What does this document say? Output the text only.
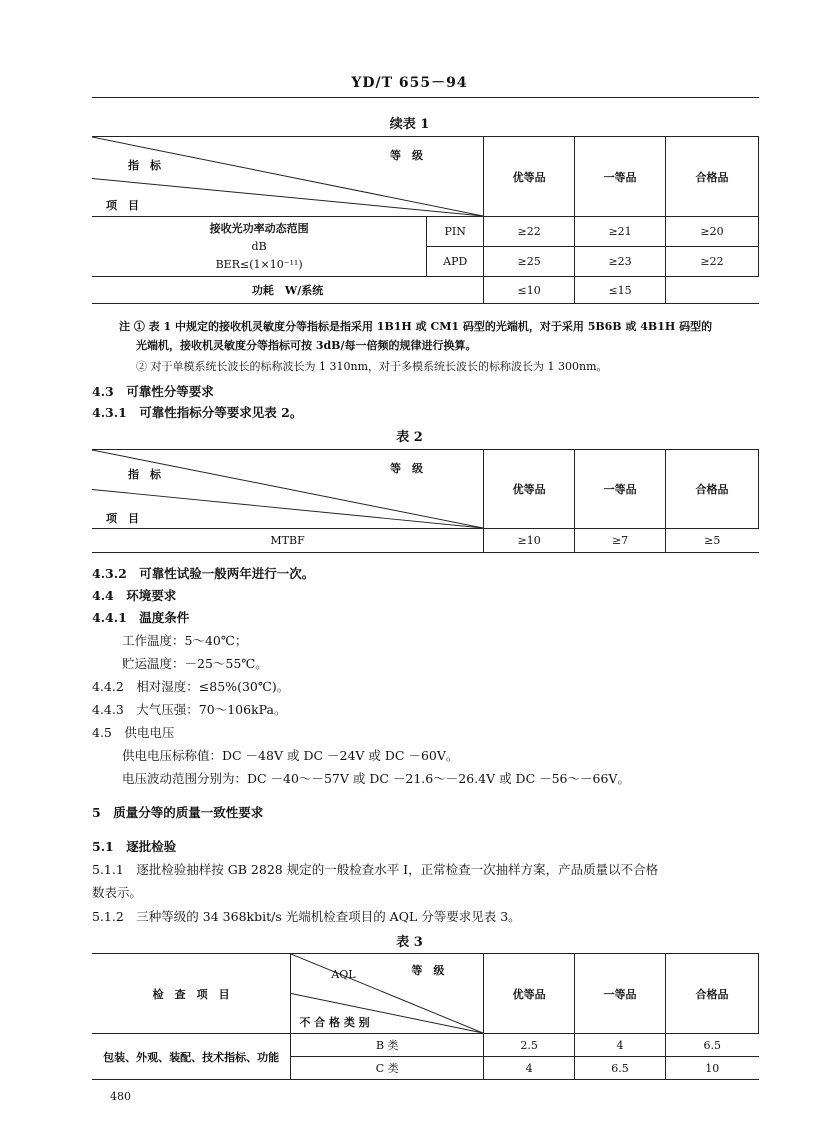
YD/T 655－94
续表 1
等　级
指　标
项　目		优等品	一等品	合格品

接收光功率动态范围
dB
BER≤(1×10⁻¹¹)	PIN	≥22	≥21	≥20
	APD	≥25	≥23	≥22
功耗　W/系统		≤10	≤15	
注 ① 表 1 中规定的接收机灵敏度分等指标是指采用 1B1H 或 CM1 码型的光端机，对于采用 5B6B 或 4B1H 码型的
光端机，接收机灵敏度分等指标可按 3dB/每一倍频的规律进行换算。
② 对于单模系统长波长的标称波长为 1 310nm，对于多模系统长波长的标称波长为 1 300nm。
4.3　可靠性分等要求
4.3.1　可靠性指标分等要求见表 2。
表 2
等　级
指　标
项　目	优等品	一等品	合格品
MTBF	≥10	≥7	≥5
4.3.2　可靠性试验一般两年进行一次。
4.4　环境要求
4.4.1　温度条件
工作温度：5～40℃；
贮运温度：－25～55℃。
4.4.2　相对湿度：≤85%(30℃)。
4.4.3　大气压强：70～106kPa。
4.5　供电电压
供电电压标称值：DC －48V 或 DC －24V 或 DC －60V。
电压波动范围分别为：DC －40～－57V 或 DC －21.6～－26.4V 或 DC －56～－66V。
5　质量分等的质量一致性要求
5.1　逐批检验
5.1.1　逐批检验抽样按 GB 2828 规定的一般检查水平 Ⅰ，正常检查一次抽样方案，产品质量以不合格
数表示。
5.1.2　三种等级的 34 368kbit/s 光端机检查项目的 AQL 分等要求见表 3。
表 3
检　查　项　目	等　级
AQL
不 合 格 类 别	优等品	一等品	合格品
包装、外观、装配、技术指标、功能	B 类	2.5	4	6.5
	C 类	4	6.5	10
480
